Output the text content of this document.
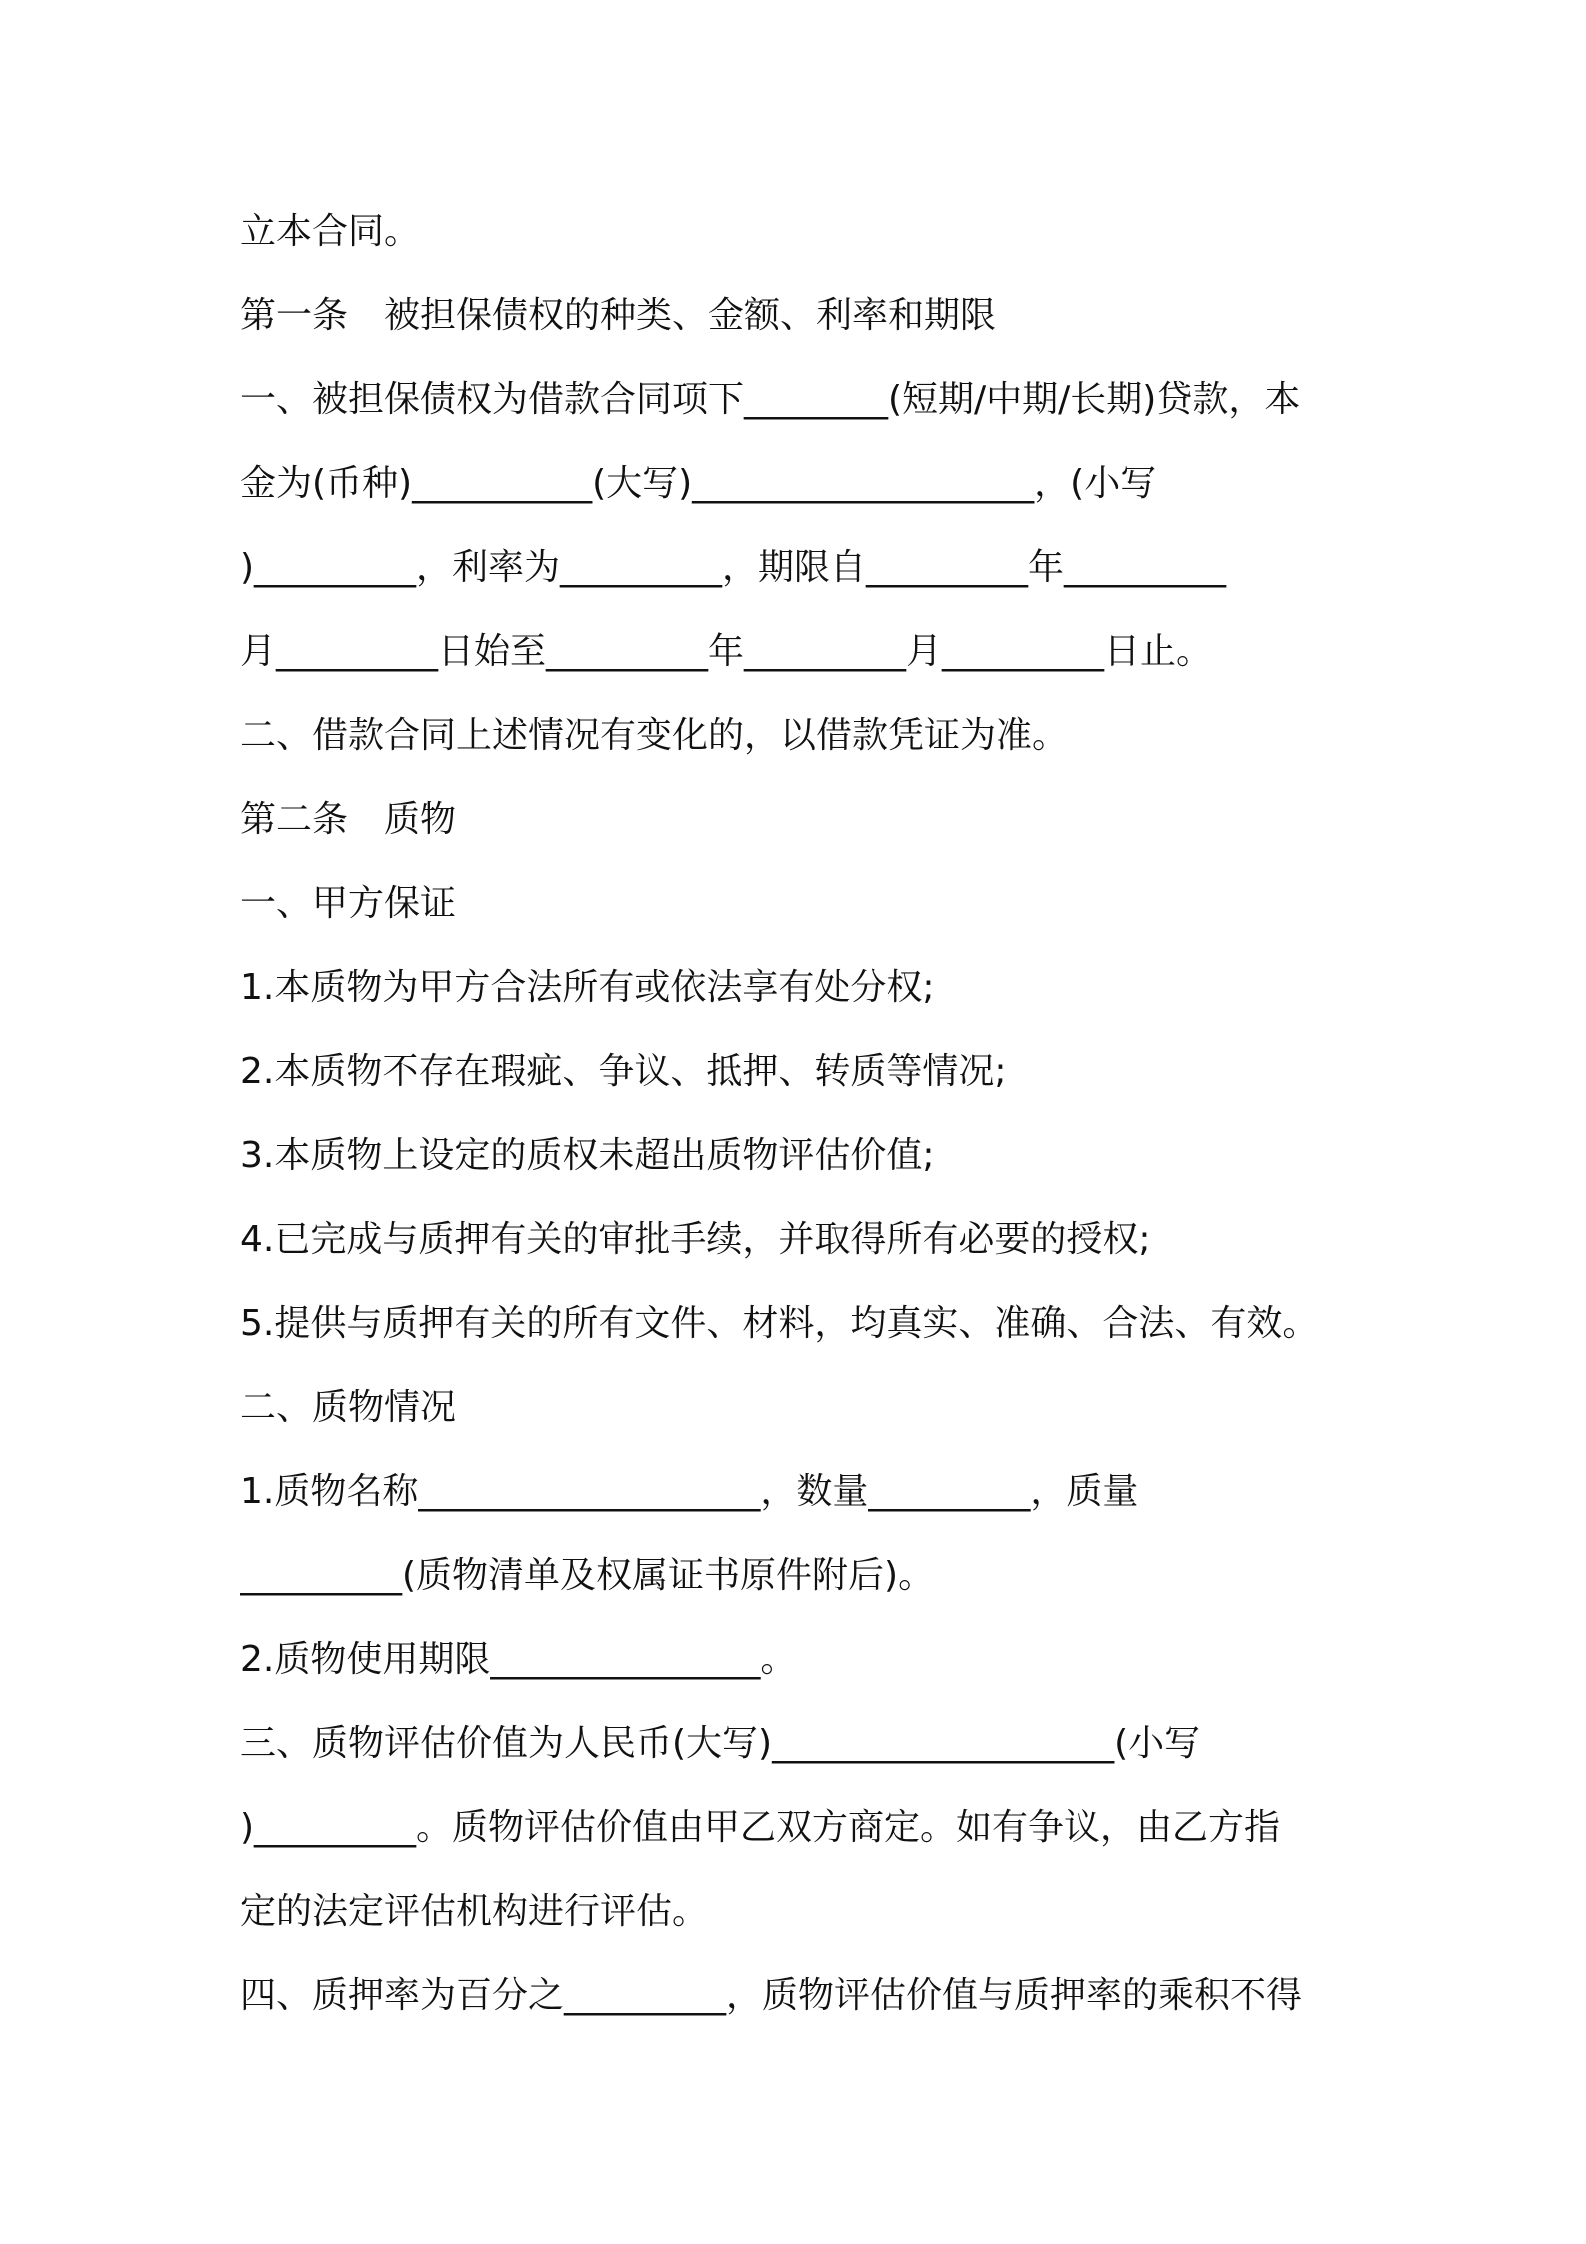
立本合同。
第一条　被担保债权的种类、金额、利率和期限
一、被担保债权为借款合同项下________(短期/中期/长期)贷款，本
金为(币种)__________(大写)___________________，(小写
)_________，利率为_________，期限自_________年_________
月_________日始至_________年_________月_________日止。
二、借款合同上述情况有变化的，以借款凭证为准。
第二条　质物
一、甲方保证
1.本质物为甲方合法所有或依法享有处分权;
2.本质物不存在瑕疵、争议、抵押、转质等情况;
3.本质物上设定的质权未超出质物评估价值;
4.已完成与质押有关的审批手续，并取得所有必要的授权;
5.提供与质押有关的所有文件、材料，均真实、准确、合法、有效。
二、质物情况
1.质物名称___________________，数量_________，质量
_________(质物清单及权属证书原件附后)。
2.质物使用期限_______________。
三、质物评估价值为人民币(大写)___________________(小写
)_________。质物评估价值由甲乙双方商定。如有争议，由乙方指
定的法定评估机构进行评估。
四、质押率为百分之_________，质物评估价值与质押率的乘积不得
